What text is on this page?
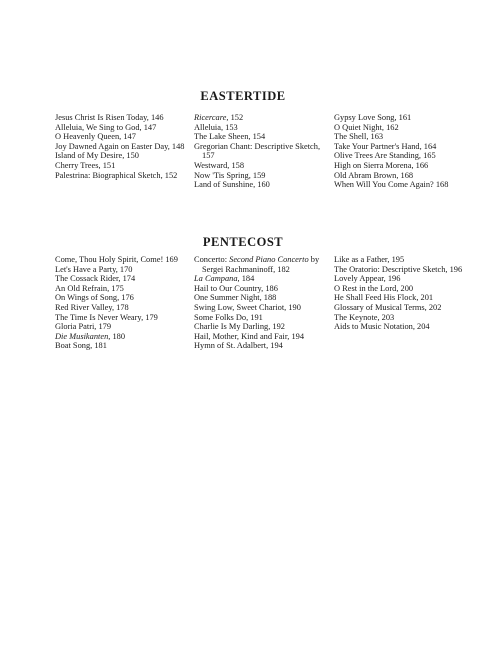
EASTERTIDE
Jesus Christ Is Risen Today, 146
Alleluia, We Sing to God, 147
O Heavenly Queen, 147
Joy Dawned Again on Easter Day, 148
Island of My Desire, 150
Cherry Trees, 151
Palestrina: Biographical Sketch, 152
Ricercare, 152
Alleluia, 153
The Lake Sheen, 154
Gregorian Chant: Descriptive Sketch, 157
Westward, 158
Now 'Tis Spring, 159
Land of Sunshine, 160
Gypsy Love Song, 161
O Quiet Night, 162
The Shell, 163
Take Your Partner's Hand, 164
Olive Trees Are Standing, 165
High on Sierra Morena, 166
Old Abram Brown, 168
When Will You Come Again? 168
PENTECOST
Come, Thou Holy Spirit, Come! 169
Let's Have a Party, 170
The Cossack Rider, 174
An Old Refrain, 175
On Wings of Song, 176
Red River Valley, 178
The Time Is Never Weary, 179
Gloria Patri, 179
Die Musikanten, 180
Boat Song, 181
Concerto: Second Piano Concerto by Sergei Rachmaninoff, 182
La Campana, 184
Hail to Our Country, 186
One Summer Night, 188
Swing Low, Sweet Chariot, 190
Some Folks Do, 191
Charlie Is My Darling, 192
Hail, Mother, Kind and Fair, 194
Hymn of St. Adalbert, 194
Like as a Father, 195
The Oratorio: Descriptive Sketch, 196
Lovely Appear, 196
O Rest in the Lord, 200
He Shall Feed His Flock, 201
Glossary of Musical Terms, 202
The Keynote, 203
Aids to Music Notation, 204
